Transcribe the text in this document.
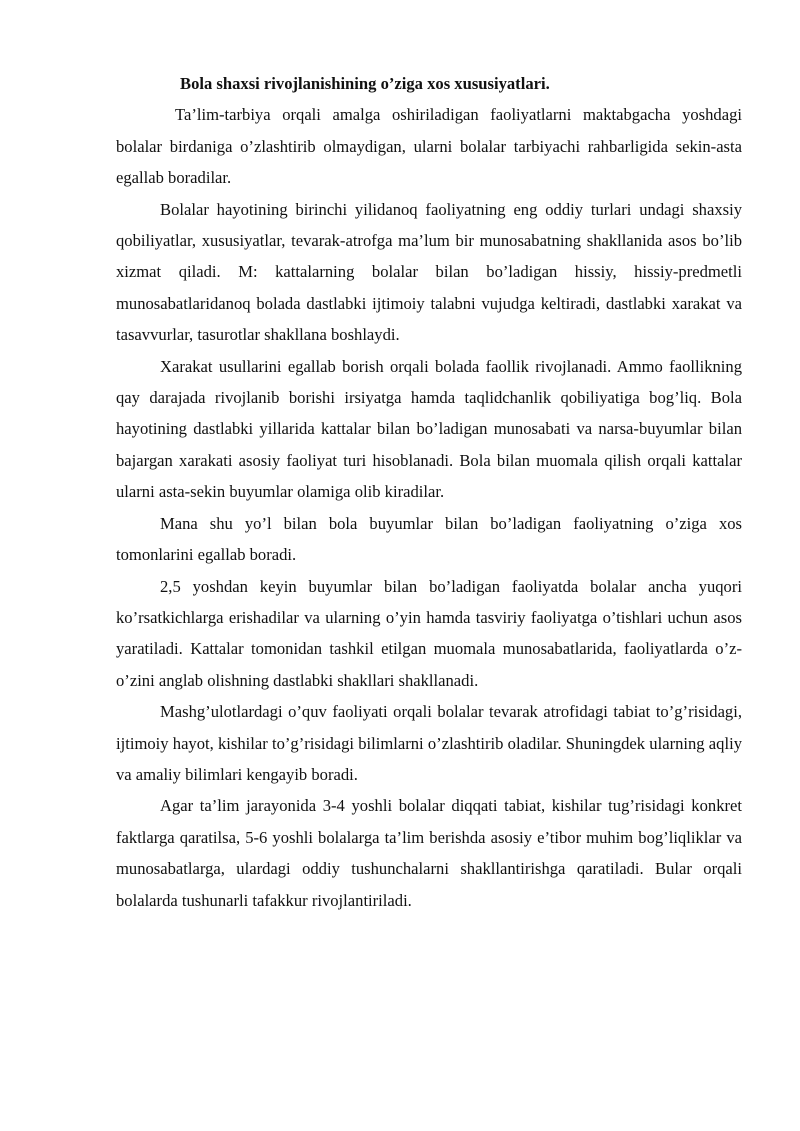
Bola shaxsi rivojlanishining o’ziga xos xususiyatlari.

Ta’lim-tarbiya orqali amalga oshiriladigan faoliyatlarni maktabgacha yoshdagi bolalar birdaniga o’zlashtirib olmaydigan, ularni bolalar tarbiyachi rahbarligida sekin-asta egallab boradilar.

Bolalar hayotining birinchi yilidanoq faoliyatning eng oddiy turlari undagi shaxsiy qobiliyatlar, xususiyatlar, tevarak-atrofga ma’lum bir munosabatning shakllanida asos bo’lib xizmat qiladi. M: kattalarning bolalar bilan bo’ladigan hissiy, hissiy-predmetli munosabatlaridanoq bolada dastlabki ijtimoiy talabni vujudga keltiradi, dastlabki xarakat va tasavvurlar, tasurotlar shakllana boshlaydi.

Xarakat usullarini egallab borish orqali bolada faollik rivojlanadi. Ammo faollikning qay darajada rivojlanib borishi irsiyatga hamda taqlidchanlik qobiliyatiga bog’liq. Bola hayotining dastlabki yillarida kattalar bilan bo’ladigan munosabati va narsa-buyumlar bilan bajargan xarakati asosiy faoliyat turi hisoblanadi. Bola bilan muomala qilish orqali kattalar ularni asta-sekin buyumlar olamiga olib kiradilar.

Mana shu yo’l bilan bola buyumlar bilan bo’ladigan faoliyatning o’ziga xos tomonlarini egallab boradi.

2,5 yoshdan keyin buyumlar bilan bo’ladigan faoliyatda bolalar ancha yuqori ko’rsatkichlarga erishadilar va ularning o’yin hamda tasviriy faoliyatga o’tishlari uchun asos yaratiladi. Kattalar tomonidan tashkil etilgan muomala munosabatlarida, faoliyatlarda o’z-o’zini anglab olishning dastlabki shakllari shakllanadi.

Mashg’ulotlardagi o’quv faoliyati orqali bolalar tevarak atrofidagi tabiat to’g’risidagi, ijtimoiy hayot, kishilar to’g’risidagi bilimlarni o’zlashtirib oladilar. Shuningdek ularning aqliy va amaliy bilimlari kengayib boradi.

Agar ta’lim jarayonida 3-4 yoshli bolalar diqqati tabiat, kishilar tug’risidagi konkret faktlarga qaratilsa, 5-6 yoshli bolalarga ta’lim berishda asosiy e’tibor muhim bog’liqliklar va munosabatlarga, ulardagi oddiy tushunchalarni shakllantirishga qaratiladi. Bular orqali bolalarda tushunarli tafakkur rivojlantiriladi.
